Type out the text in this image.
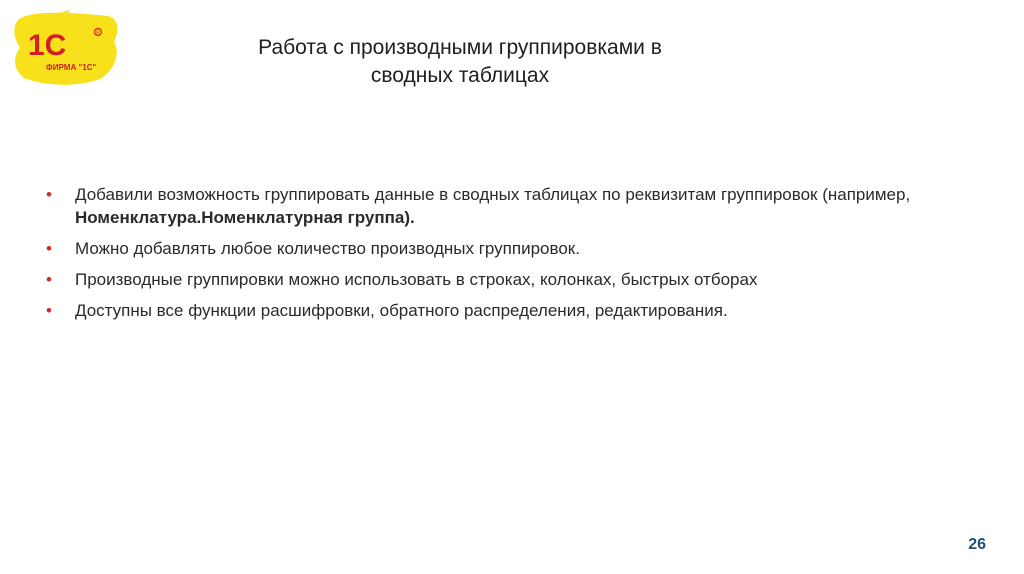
1С	R
ФИРМА "1С"
Работа с производными группировками в
сводных таблицах
• Добавили возможность группировать данные в сводных таблицах по реквизитам группировок (например, Номенклатура.Номенклатурная группа).
• Можно добавлять любое количество производных группировок.
• Производные группировки можно использовать в строках, колонках, быстрых отборах
• Доступны все функции расшифровки, обратного распределения, редактирования.
26
